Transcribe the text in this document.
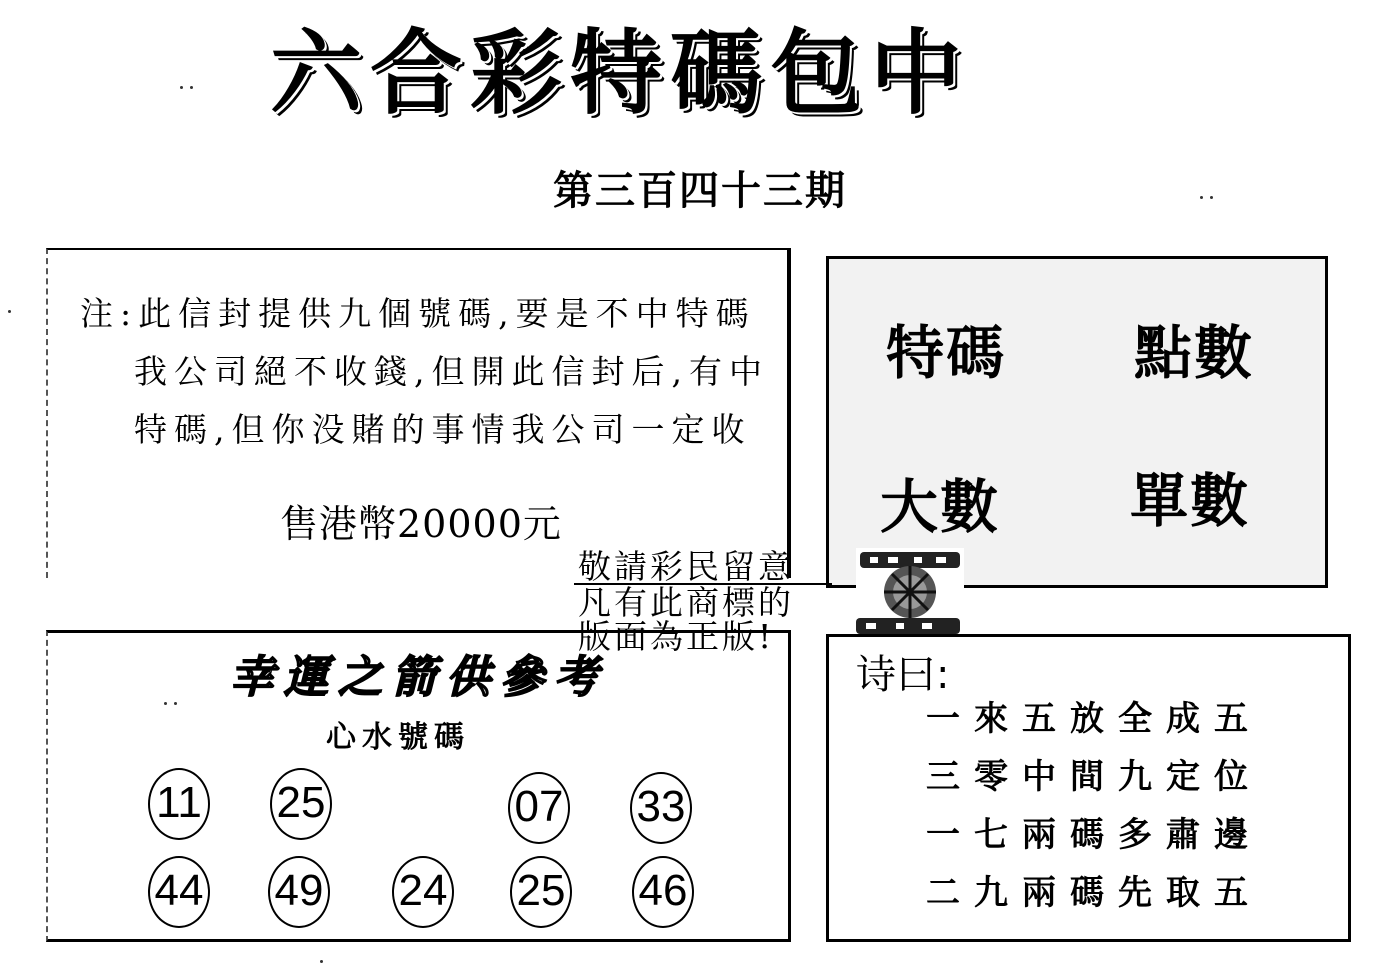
六合彩特碼包中
第三百四十三期
注:此信封提供九個號碼,要是不中特碼
我公司絕不收錢,但開此信封后,有中
特碼,但你没賭的事情我公司一定收
售港幣20000元
特碼 點數
大數 單數
敬請彩民留意
凡有此商標的
版面為正版!
幸運之箭供參考
心水號碼
11 25	07 33
44 49 24 25 46
诗曰:
一來五放全成五
三零中間九定位
一七兩碼多肅邊
二九兩碼先取五
